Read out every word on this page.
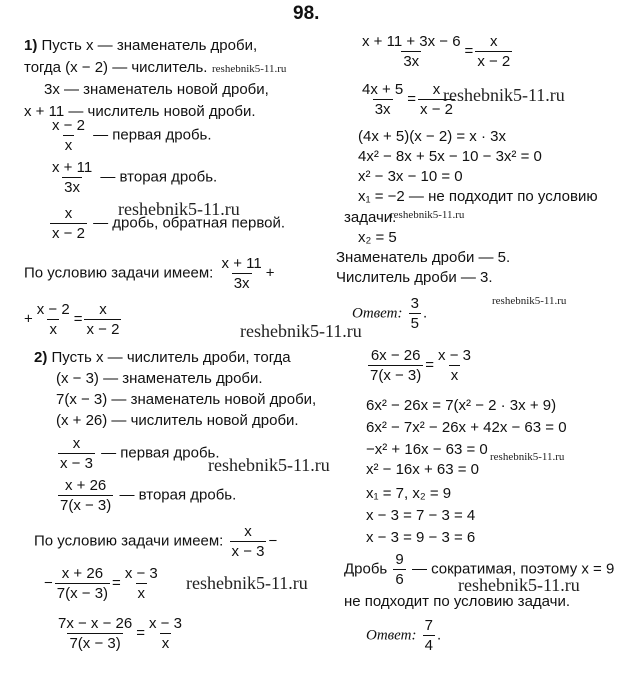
98.
1) Пусть x — знаменатель дроби,
тогда (x − 2) — числитель.
3x — знаменатель новой дроби,
x + 11 — числитель новой дроби.
$\frac{x - 2}{x}$ — первая дробь.
$\frac{x + 11}{3x}$ — вторая дробь.
$\frac{x}{x - 2}$ — дробь, обратная первой.
По условию задачи имеем: $\frac{x + 11}{3x}$ +
+ $\frac{x - 2}{x} = \frac{x}{x - 2}$
$\frac{x + 11 + 3x - 6}{3x} = \frac{x}{x - 2}$
$\frac{4x + 5}{3x} = \frac{x}{x - 2}$
(4x + 5)(x − 2) = x · 3x
4x² − 8x + 5x − 10 − 3x² = 0
x² − 3x − 10 = 0
x₁ = −2 — не подходит по условию
задачи.
x₂ = 5
Знаменатель дроби — 5.
Числитель дроби — 3.
Ответ: $\frac{3}{5}$ .
2) Пусть x — числитель дроби, тогда
(x − 3) — знаменатель дроби.
7(x − 3) — знаменатель новой дроби,
(x + 26) — числитель новой дроби.
$\frac{x}{x - 3}$ — первая дробь.
$\frac{x + 26}{7(x - 3)}$ — вторая дробь.
По условию задачи имеем: $\frac{x}{x - 3}$ −
− $\frac{x + 26}{7(x - 3)} = \frac{x - 3}{x}$
$\frac{7x - x - 26}{7(x - 3)} = \frac{x - 3}{x}$
$\frac{6x - 26}{7(x - 3)} = \frac{x - 3}{x}$
6x² − 26x = 7(x² − 2 · 3x + 9)
6x² − 7x² − 26x + 42x − 63 = 0
−x² + 16x − 63 = 0
x² − 16x + 63 = 0
x₁ = 7, x₂ = 9
x − 3 = 7 − 3 = 4
x − 3 = 9 − 3 = 6
Дробь $\frac{9}{6}$ — сократимая, поэтому x = 9
не подходит по условию задачи.
Ответ: $\frac{7}{4}$ .
reshebnik5-11.ru
reshebnik5-11.ru
reshebnik5-11.ru	reshebnik5-11.ru
reshebnik5-11.ru
reshebnik5-11.ru
reshebnik5-11.ru	reshebnik5-11.ru
reshebnik5-11.ru	reshebnik5-11.ru
